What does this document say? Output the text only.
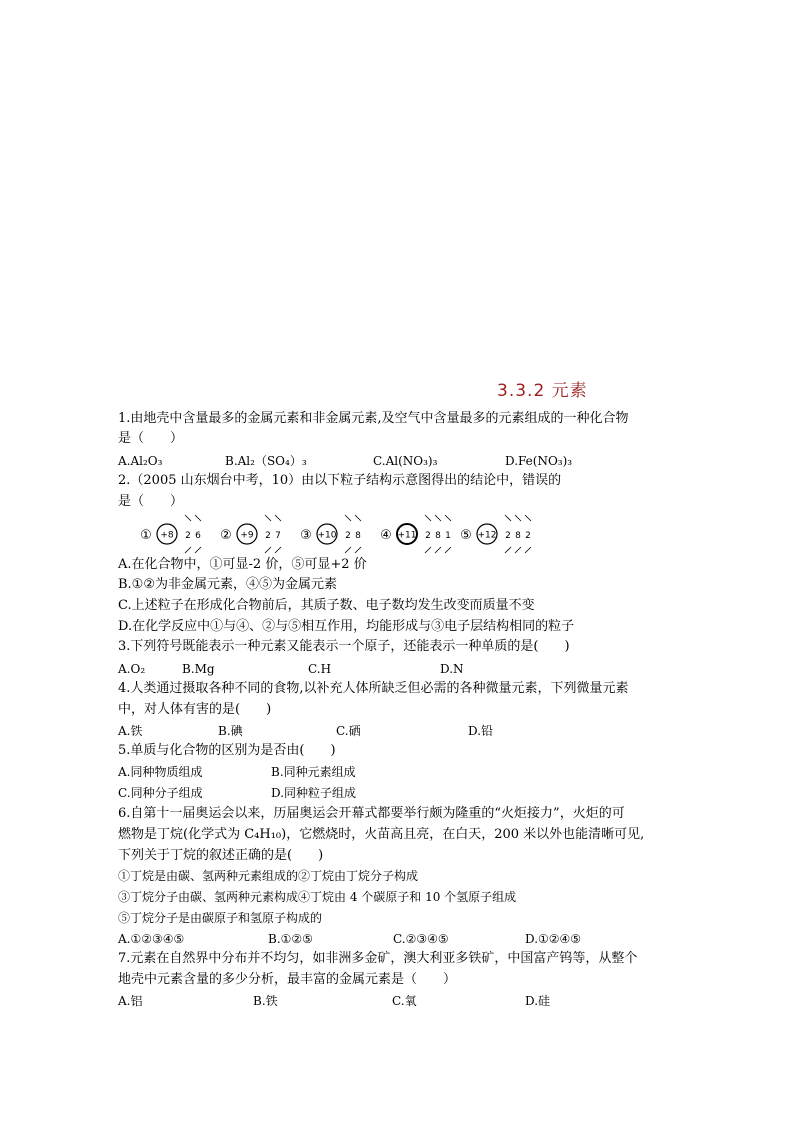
3.3.2 元素
1.由地壳中含量最多的金属元素和非金属元素,及空气中含量最多的元素组成的一种化合物
是（　　）
A.Al₂O₃	B.Al₂（SO₄）₃	C.Al(NO₃)₃	D.Fe(NO₃)₃
2.（2005 山东烟台中考，10）由以下粒子结构示意图得出的结论中，错误的
是（　　）
① +8 2 6 ② +9 2 7 ③ +10 2 8 ④ +11 2 8 1 ⑤ +12 2 8 2
A.在化合物中，①可显-2 价，⑤可显+2 价
B.①②为非金属元素，④⑤为金属元素
C.上述粒子在形成化合物前后，其质子数、电子数均发生改变而质量不变
D.在化学反应中①与④、②与⑤相互作用，均能形成与③电子层结构相同的粒子
3.下列符号既能表示一种元素又能表示一个原子，还能表示一种单质的是(　　)
A.O₂	B.Mg	C.H	D.N
4.人类通过摄取各种不同的食物,以补充人体所缺乏但必需的各种微量元素，下列微量元素
中，对人体有害的是(　　)
A.铁	B.碘	C.硒	D.铅
5.单质与化合物的区别为是否由(　　)
A.同种物质组成	B.同种元素组成
C.同种分子组成	D.同种粒子组成
6.自第十一届奥运会以来，历届奥运会开幕式都要举行颇为隆重的“火炬接力”，火炬的可
燃物是丁烷(化学式为 C₄H₁₀)，它燃烧时，火苗高且亮，在白天，200 米以外也能清晰可见,
下列关于丁烷的叙述正确的是(　　)
①丁烷是由碳、氢两种元素组成的②丁烷由丁烷分子构成
③丁烷分子由碳、氢两种元素构成④丁烷由 4 个碳原子和 10 个氢原子组成
⑤丁烷分子是由碳原子和氢原子构成的
A.①②③④⑤	B.①②⑤	C.②③④⑤	D.①②④⑤
7.元素在自然界中分布并不均匀，如非洲多金矿，澳大利亚多铁矿，中国富产钨等，从整个
地壳中元素含量的多少分析，最丰富的金属元素是（　　）
A.铝	B.铁	C.氧	D.硅
